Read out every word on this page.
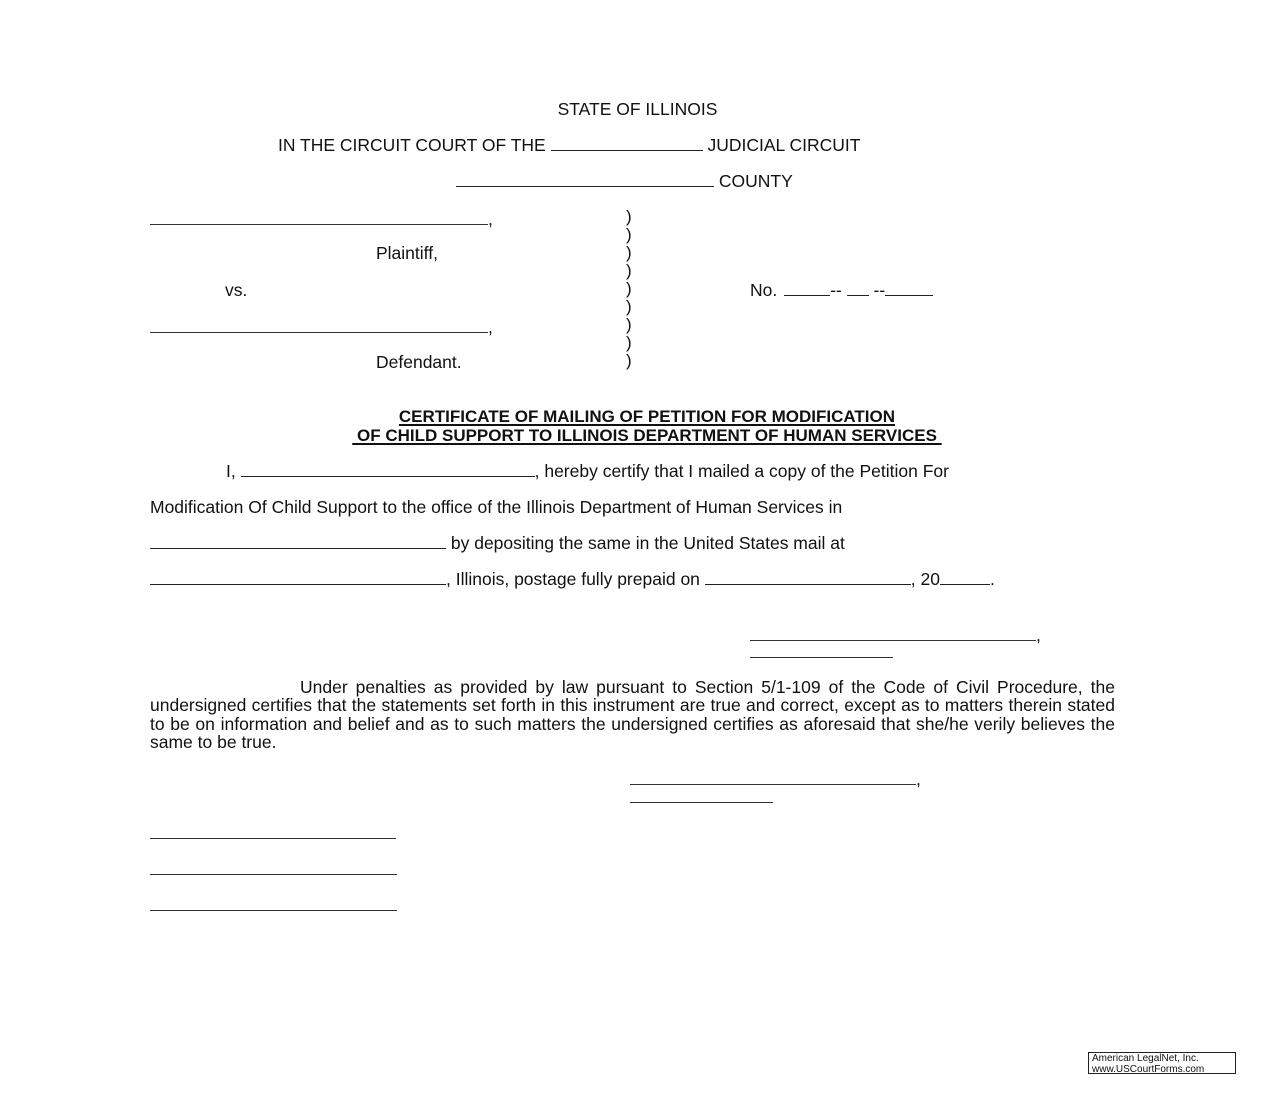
STATE OF ILLINOIS
IN THE CIRCUIT COURT OF THE	JUDICIAL CIRCUIT
COUNTY
,
Plaintiff,
vs.
,
Defendant.
)
)
)
)
)
)
)
)
)
No.	-- --

CERTIFICATE OF MAILING OF PETITION FOR MODIFICATION

OF CHILD SUPPORT TO ILLINOIS DEPARTMENT OF HUMAN SERVICES

I,	, hereby certify that I mailed a copy of the Petition For
Modification Of Child Support to the office of the Illinois Department of Human Services in
by depositing the same in the United States mail at
, Illinois, postage fully prepaid on	, 20	.
,
Under penalties as provided by law pursuant to Section 5/1-109 of the Code of Civil Procedure, the undersigned certifies that the statements set forth in this instrument are true and correct, except as to matters therein stated to be on information and belief and as to such matters the undersigned certifies as aforesaid that she/he verily believes the same to be true.
,
American LegalNet, Inc.
www.USCourtForms.com
